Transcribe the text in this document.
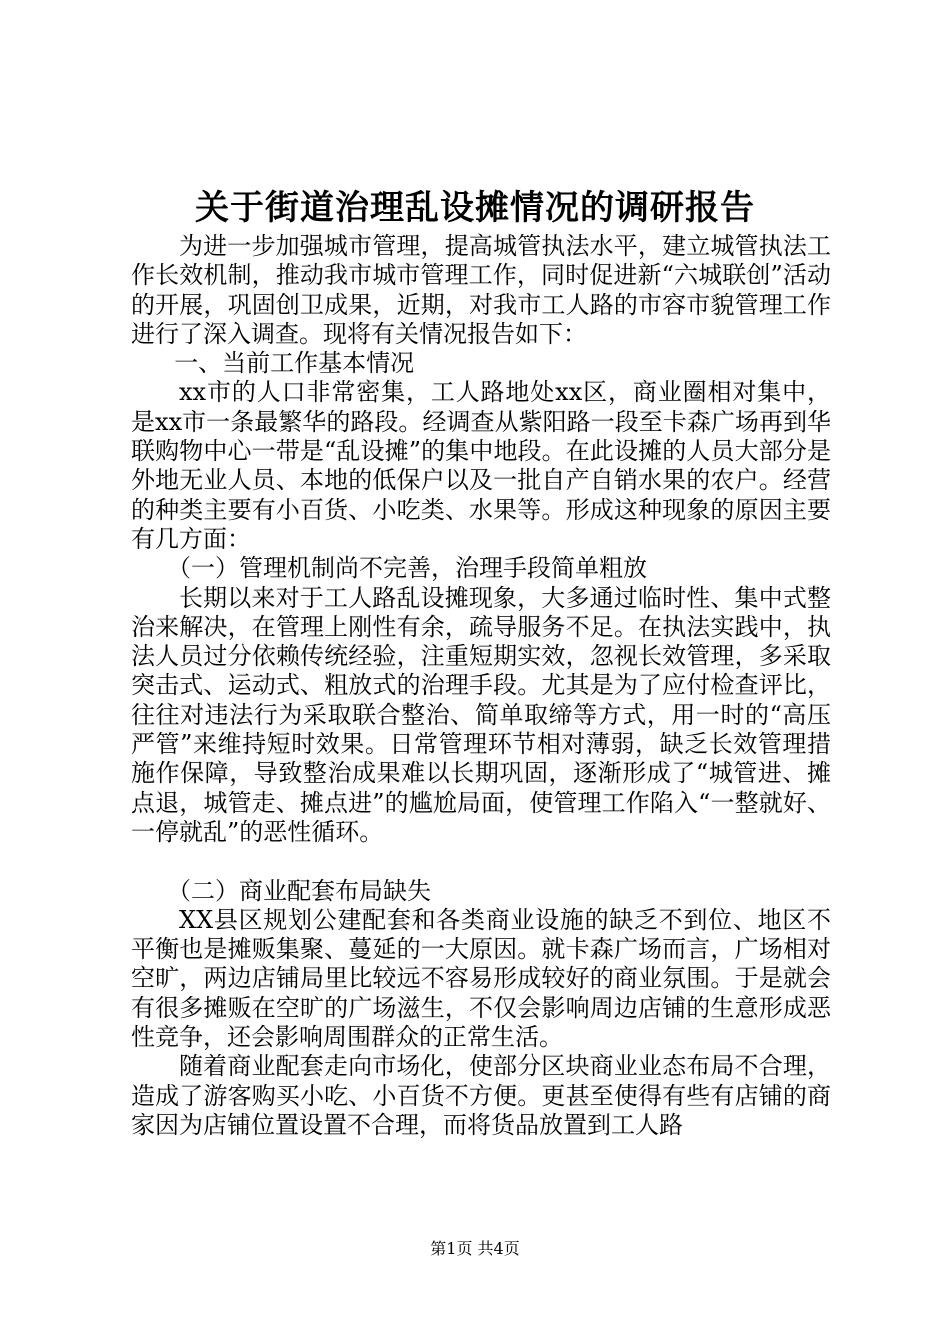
关于街道治理乱设摊情况的调研报告

为进一步加强城市管理，提高城管执法水平，建立城管执法工作长效机制，推动我市城市管理工作，同时促进新“六城联创”活动的开展，巩固创卫成果，近期，对我市工人路的市容市貌管理工作进行了深入调查。现将有关情况报告如下：

一、当前工作基本情况

xx市的人口非常密集，工人路地处xx区，商业圈相对集中，是xx市一条最繁华的路段。经调查从紫阳路一段至卡森广场再到华联购物中心一带是“乱设摊”的集中地段。在此设摊的人员大部分是外地无业人员、本地的低保户以及一批自产自销水果的农户。经营的种类主要有小百货、小吃类、水果等。形成这种现象的原因主要有几方面：

（一）管理机制尚不完善，治理手段简单粗放

长期以来对于工人路乱设摊现象，大多通过临时性、集中式整治来解决，在管理上刚性有余，疏导服务不足。在执法实践中，执法人员过分依赖传统经验，注重短期实效，忽视长效管理，多采取突击式、运动式、粗放式的治理手段。尤其是为了应付检查评比，往往对违法行为采取联合整治、简单取缔等方式，用一时的“高压严管”来维持短时效果。日常管理环节相对薄弱，缺乏长效管理措施作保障，导致整治成果难以长期巩固，逐渐形成了“城管进、摊点退，城管走、摊点进”的尴尬局面，使管理工作陷入“一整就好、一停就乱”的恶性循环。

（二）商业配套布局缺失

XX县区规划公建配套和各类商业设施的缺乏不到位、地区不平衡也是摊贩集聚、蔓延的一大原因。就卡森广场而言，广场相对空旷，两边店铺局里比较远不容易形成较好的商业氛围。于是就会有很多摊贩在空旷的广场滋生，不仅会影响周边店铺的生意形成恶性竞争，还会影响周围群众的正常生活。

随着商业配套走向市场化，使部分区块商业业态布局不合理，造成了游客购买小吃、小百货不方便。更甚至使得有些有店铺的商家因为店铺位置设置不合理，而将货品放置到工人路

第1页 共4页
